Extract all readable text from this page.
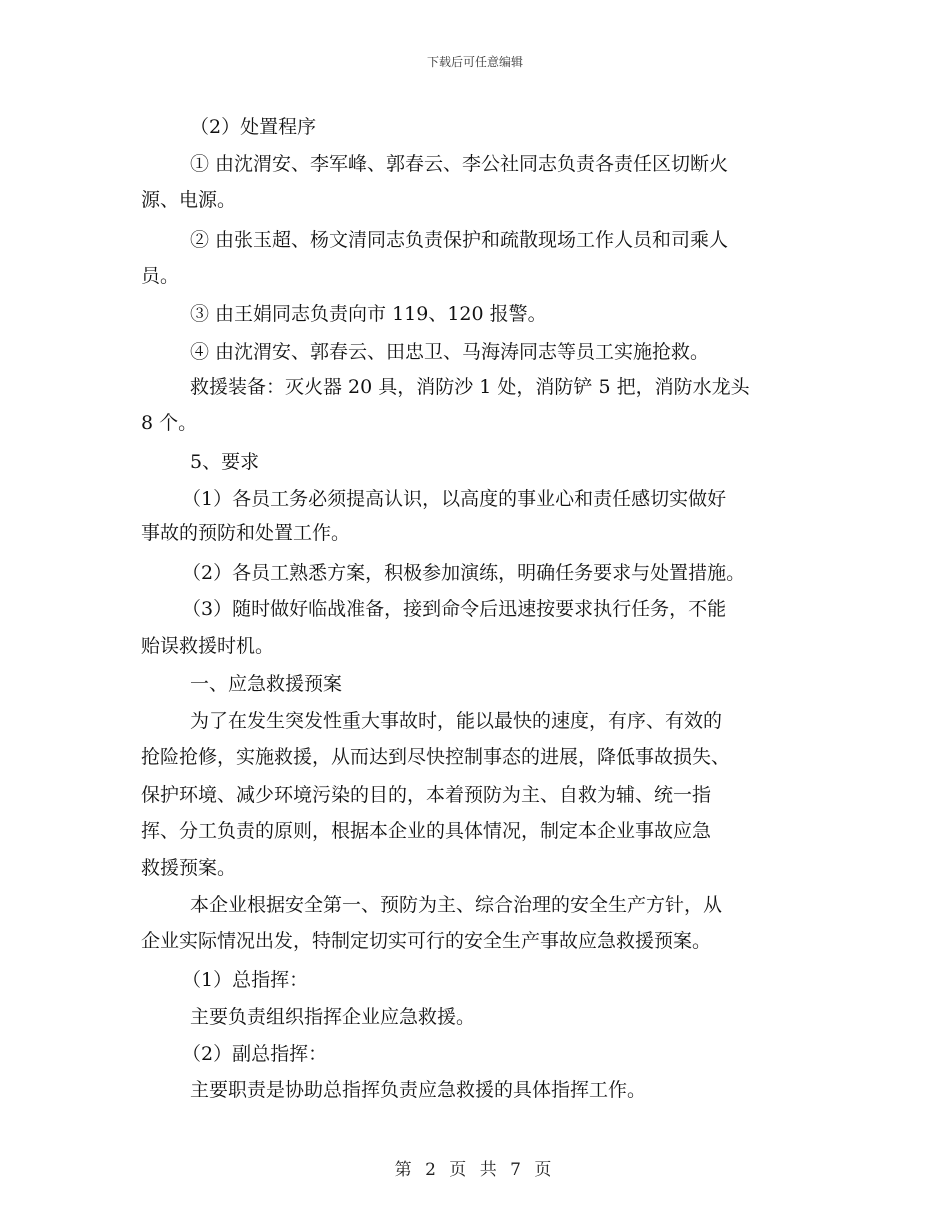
下载后可任意编辑
（2）处置程序
① 由沈渭安、李军峰、郭春云、李公社同志负责各责任区切断火
源、电源。
② 由张玉超、杨文清同志负责保护和疏散现场工作人员和司乘人
员。
③ 由王娟同志负责向市 119、120 报警。
④ 由沈渭安、郭春云、田忠卫、马海涛同志等员工实施抢救。
救援装备：灭火器 20 具，消防沙 1 处，消防铲 5 把，消防水龙头
8 个。
5、要求
（1）各员工务必须提高认识，以高度的事业心和责任感切实做好
事故的预防和处置工作。
（2）各员工熟悉方案，积极参加演练，明确任务要求与处置措施。
（3）随时做好临战准备，接到命令后迅速按要求执行任务，不能
贻误救援时机。
一、应急救援预案
为了在发生突发性重大事故时，能以最快的速度，有序、有效的
抢险抢修，实施救援，从而达到尽快控制事态的进展，降低事故损失、
保护环境、减少环境污染的目的，本着预防为主、自救为辅、统一指
挥、分工负责的原则，根据本企业的具体情况，制定本企业事故应急
救援预案。
本企业根据安全第一、预防为主、综合治理的安全生产方针，从
企业实际情况出发，特制定切实可行的安全生产事故应急救援预案。
（1）总指挥：
主要负责组织指挥企业应急救援。
（2）副总指挥：
主要职责是协助总指挥负责应急救援的具体指挥工作。
第 2 页 共 7 页
